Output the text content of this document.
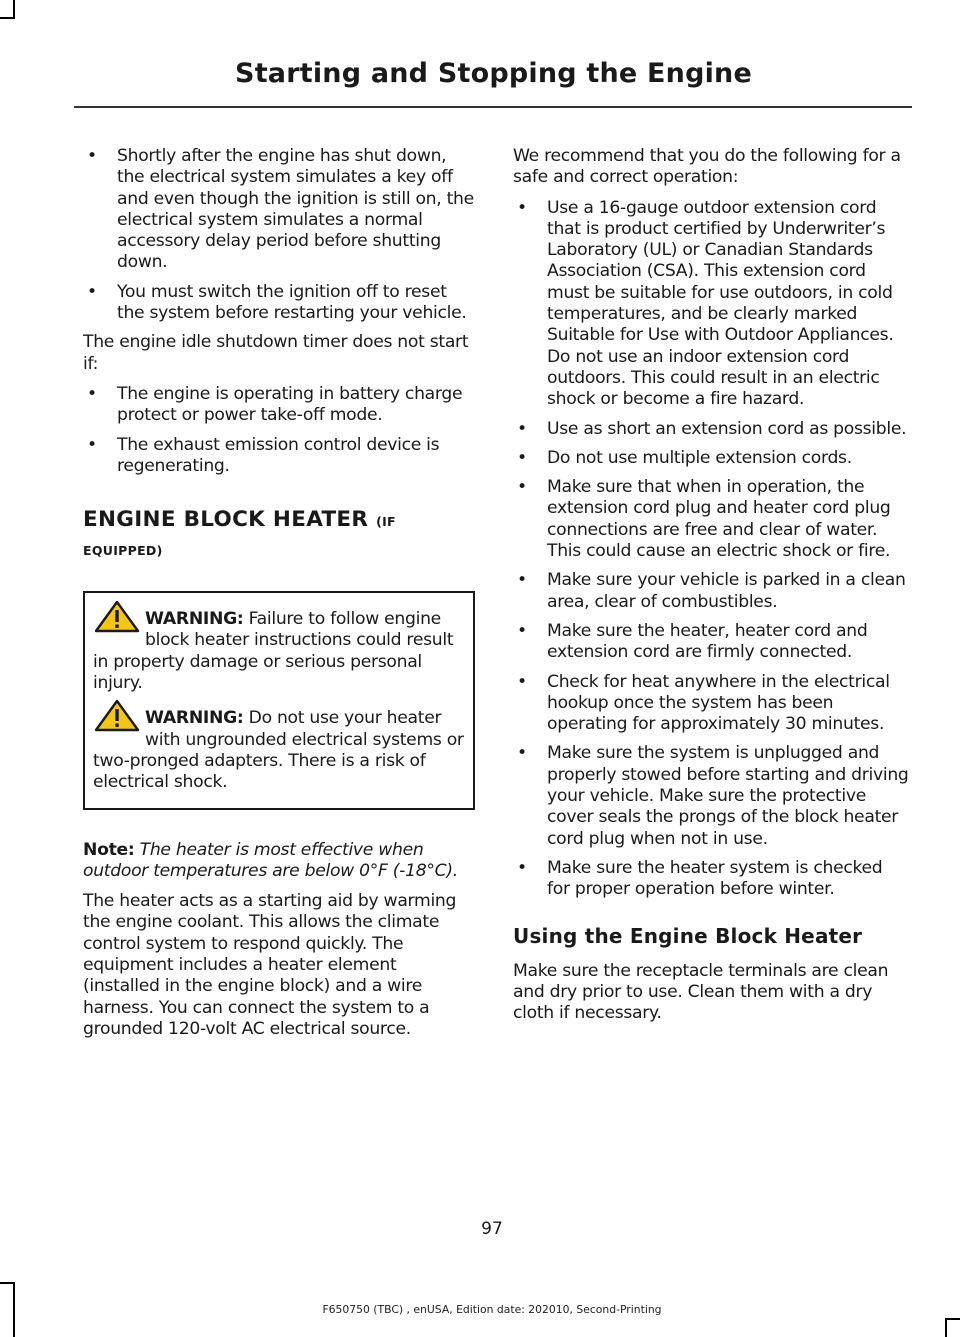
Starting and Stopping the Engine
• Shortly after the engine has shut down, the electrical system simulates a key off and even though the ignition is still on, the electrical system simulates a normal accessory delay period before shutting down.
• You must switch the ignition off to reset the system before restarting your vehicle.

The engine idle shutdown timer does not start if:

• The engine is operating in battery charge protect or power take-off mode.
• The exhaust emission control device is regenerating.
ENGINE BLOCK HEATER (IF
EQUIPPED)
WARNING: Failure to follow engine block heater instructions could result in property damage or serious personal injury.
WARNING: Do not use your heater with ungrounded electrical systems or two-pronged adapters. There is a risk of electrical shock.

Note: The heater is most effective when outdoor temperatures are below 0°F (-18°C).

The heater acts as a starting aid by warming the engine coolant. This allows the climate control system to respond quickly. The equipment includes a heater element (installed in the engine block) and a wire harness. You can connect the system to a grounded 120-volt AC electrical source.

We recommend that you do the following for a safe and correct operation:

• Use a 16-gauge outdoor extension cord that is product certified by Underwriter’s Laboratory (UL) or Canadian Standards Association (CSA). This extension cord must be suitable for use outdoors, in cold temperatures, and be clearly marked Suitable for Use with Outdoor Appliances. Do not use an indoor extension cord outdoors. This could result in an electric shock or become a fire hazard.
• Use as short an extension cord as possible.
• Do not use multiple extension cords.
• Make sure that when in operation, the extension cord plug and heater cord plug connections are free and clear of water. This could cause an electric shock or fire.
• Make sure your vehicle is parked in a clean area, clear of combustibles.
• Make sure the heater, heater cord and extension cord are firmly connected.
• Check for heat anywhere in the electrical hookup once the system has been operating for approximately 30 minutes.
• Make sure the system is unplugged and properly stowed before starting and driving your vehicle. Make sure the protective cover seals the prongs of the block heater cord plug when not in use.
• Make sure the heater system is checked for proper operation before winter.
Using the Engine Block Heater

Make sure the receptacle terminals are clean and dry prior to use. Clean them with a dry cloth if necessary.

97
F650750 (TBC) , enUSA, Edition date: 202010, Second-Printing
